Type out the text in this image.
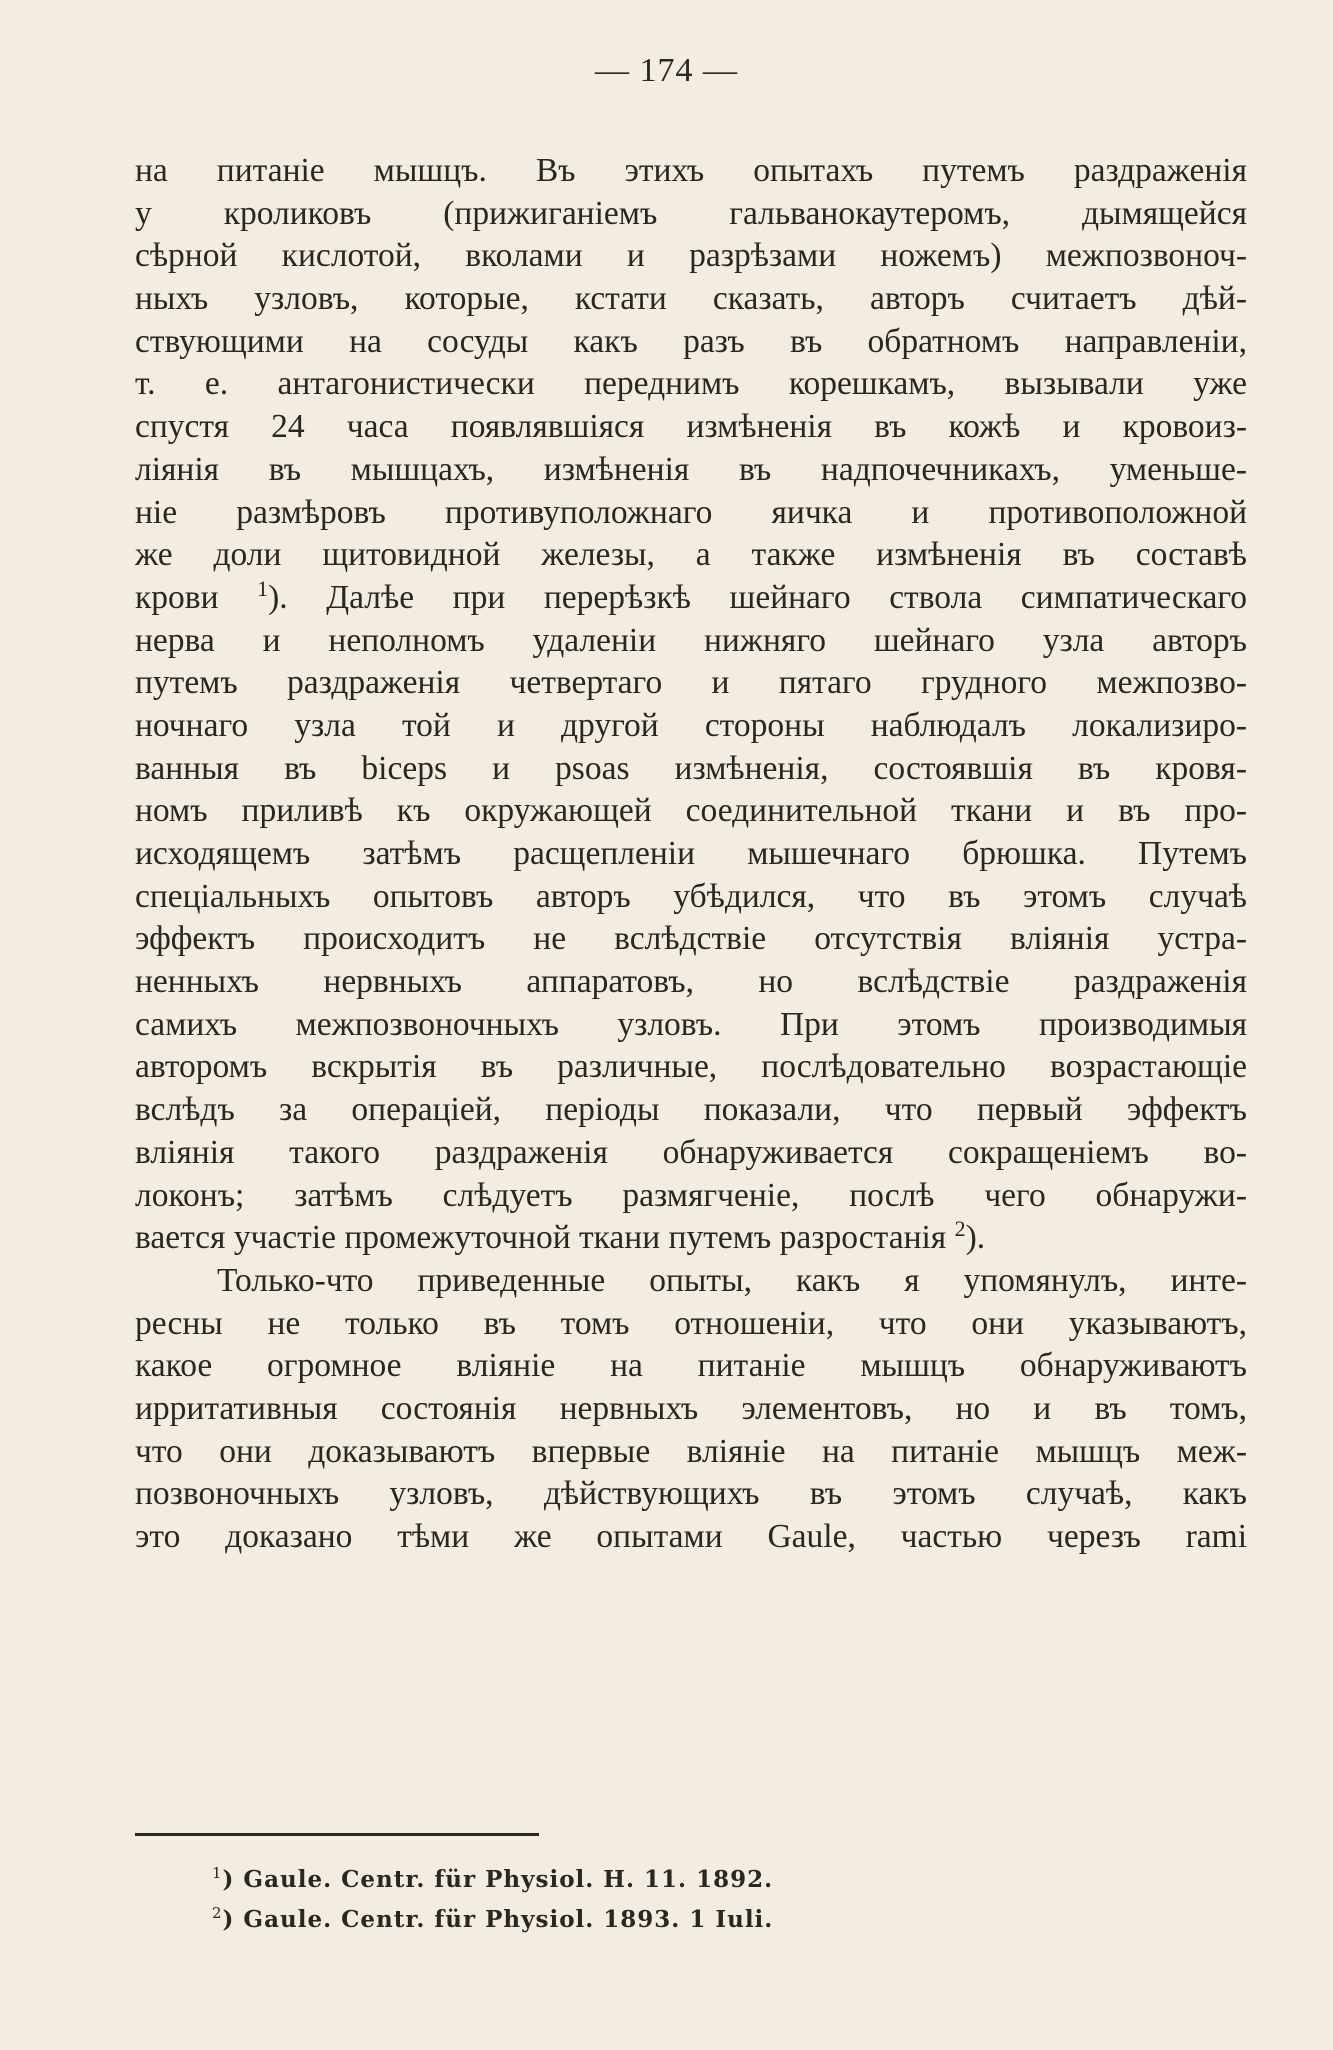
— 174 —
на питанiе мышцъ. Въ этихъ опытахъ путемъ раздраженiя
у кроликовъ (прижиганiемъ гальванокаутеромъ, дымящейся
сѣрной кислотой, вколами и разрѣзами ножемъ) межпозвоноч-
ныхъ узловъ, которые, кстати сказать, авторъ считаетъ дѣй-
ствующими на сосуды какъ разъ въ обратномъ направленiи,
т. е. антагонистически переднимъ корешкамъ, вызывали уже
спустя 24 часа появлявшiяся измѣненiя въ кожѣ и кровоиз-
лiянiя въ мышцахъ, измѣненiя въ надпочечникахъ, уменьше-
нiе размѣровъ противуположнаго яичка и противоположной
же доли щитовидной железы, а также измѣненiя въ составѣ
крови $^1$). Далѣе при перерѣзкѣ шейнаго ствола симпатическаго
нерва и неполномъ удаленiи нижняго шейнаго узла авторъ
путемъ раздраженiя четвертаго и пятаго грудного межпозво-
ночнаго узла той и другой стороны наблюдалъ локализиро-
ванныя въ biceps и psoas измѣненiя, состоявшiя въ кровя-
номъ приливѣ къ окружающей соединительной ткани и въ про-
исходящемъ затѣмъ расщепленiи мышечнаго брюшка. Путемъ
спецiальныхъ опытовъ авторъ убѣдился, что въ этомъ случаѣ
эффектъ происходитъ не вслѣдствiе отсутствiя влiянiя устра-
ненныхъ нервныхъ аппаратовъ, но вслѣдствiе раздраженiя
самихъ межпозвоночныхъ узловъ. При этомъ производимыя
авторомъ вскрытiя въ различные, послѣдовательно возрастающiе
вслѣдъ за операцiей, перiоды показали, что первый эффектъ
влiянiя такого раздраженiя обнаруживается сокращенiемъ во-
локонъ; затѣмъ слѣдуетъ размягченiе, послѣ чего обнаружи-
вается участiе промежуточной ткани путемъ разростанiя $^2$).
Только-что приведенные опыты, какъ я упомянулъ, инте-
ресны не только въ томъ отношенiи, что они указываютъ,
какое огромное влiянiе на питанiе мышцъ обнаруживаютъ
ирритативныя состоянiя нервныхъ элементовъ, но и въ томъ,
что они доказываютъ впервые влiянiе на питанiе мышцъ меж-
позвоночныхъ узловъ, дѣйствующихъ въ этомъ случаѣ, какъ
это доказано тѣми же опытами Gaule, частью черезъ rami
$^1$) Gaule. Centr. für Physiol. H. 11. 1892.
$^2$) Gaule. Centr. für Physiol. 1893. 1 Iuli.
